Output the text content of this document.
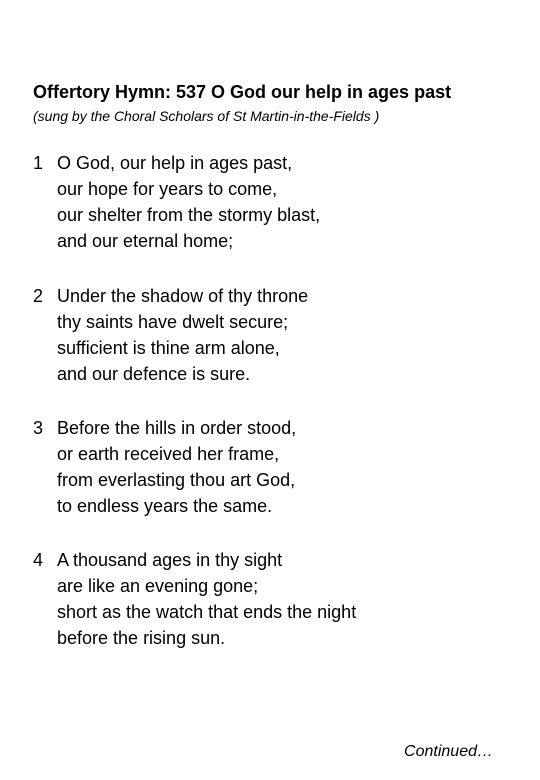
Offertory Hymn: 537 O God our help in ages past
(sung by the Choral Scholars of St Martin-in-the-Fields )
1 O God, our help in ages past,
our hope for years to come,
our shelter from the stormy blast,
and our eternal home;
2 Under the shadow of thy throne
thy saints have dwelt secure;
sufficient is thine arm alone,
and our defence is sure.
3 Before the hills in order stood,
or earth received her frame,
from everlasting thou art God,
to endless years the same.
4 A thousand ages in thy sight
are like an evening gone;
short as the watch that ends the night
before the rising sun.
Continued…
